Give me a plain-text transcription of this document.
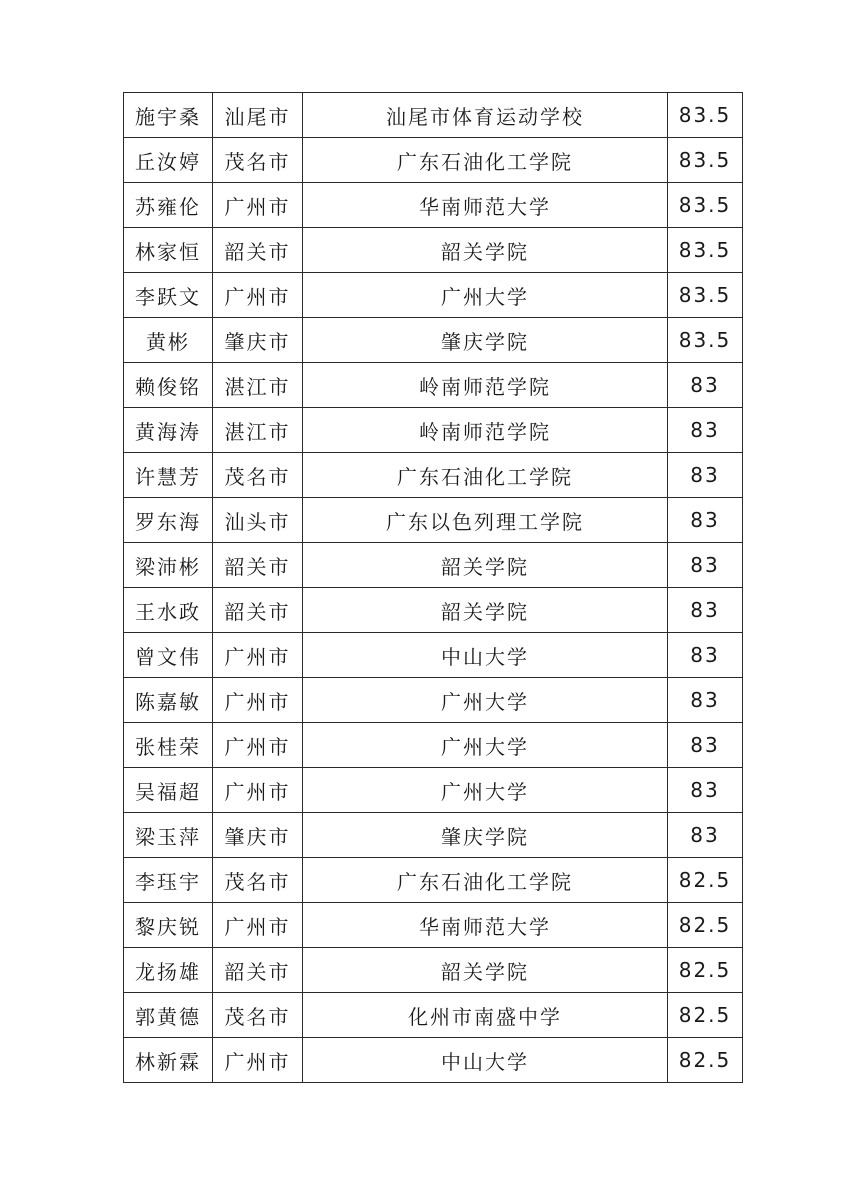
施宇桑	汕尾市	汕尾市体育运动学校	83.5
丘汝婷	茂名市	广东石油化工学院	83.5
苏雍伦	广州市	华南师范大学	83.5
林家恒	韶关市	韶关学院	83.5
李跃文	广州市	广州大学	83.5
黄彬	肇庆市	肇庆学院	83.5
赖俊铭	湛江市	岭南师范学院	83
黄海涛	湛江市	岭南师范学院	83
许慧芳	茂名市	广东石油化工学院	83
罗东海	汕头市	广东以色列理工学院	83
梁沛彬	韶关市	韶关学院	83
王水政	韶关市	韶关学院	83
曾文伟	广州市	中山大学	83
陈嘉敏	广州市	广州大学	83
张桂荣	广州市	广州大学	83
吴福超	广州市	广州大学	83
梁玉萍	肇庆市	肇庆学院	83
李珏宇	茂名市	广东石油化工学院	82.5
黎庆锐	广州市	华南师范大学	82.5
龙扬雄	韶关市	韶关学院	82.5
郭黄德	茂名市	化州市南盛中学	82.5
林新霖	广州市	中山大学	82.5
